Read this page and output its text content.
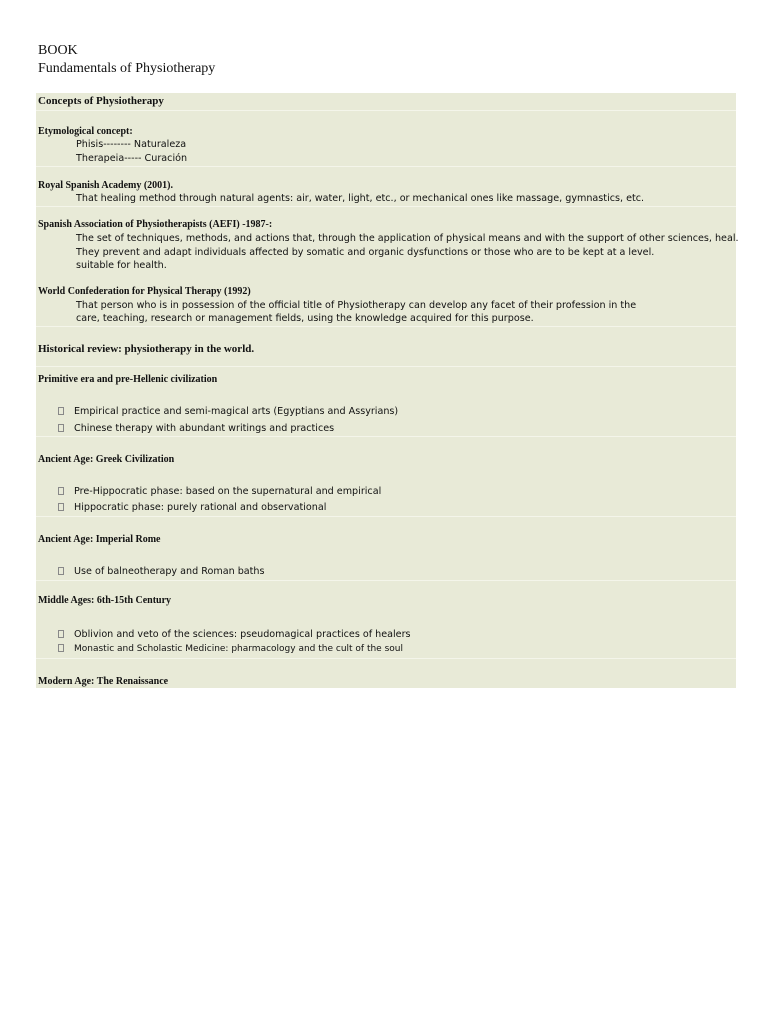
BOOK
Fundamentals of Physiotherapy
Concepts of Physiotherapy
Etymological concept:
Phisis-------- Naturaleza
Therapeia----- Curación
Royal Spanish Academy (2001).
That healing method through natural agents: air, water, light, etc., or mechanical ones like massage, gymnastics, etc.
Spanish Association of Physiotherapists (AEFI) -1987-:
The set of techniques, methods, and actions that, through the application of physical means and with the support of other sciences, heal.
They prevent and adapt individuals affected by somatic and organic dysfunctions or those who are to be kept at a level.
suitable for health.
World Confederation for Physical Therapy (1992)
That person who is in possession of the official title of Physiotherapy can develop any facet of their profession in the
care, teaching, research or management fields, using the knowledge acquired for this purpose.
Historical review: physiotherapy in the world.
Primitive era and pre-Hellenic civilization
Empirical practice and semi-magical arts (Egyptians and Assyrians)
Chinese therapy with abundant writings and practices
Ancient Age: Greek Civilization
Pre-Hippocratic phase: based on the supernatural and empirical
Hippocratic phase: purely rational and observational
Ancient Age: Imperial Rome
Use of balneotherapy and Roman baths
Middle Ages: 6th-15th Century
Oblivion and veto of the sciences: pseudomagical practices of healers
Monastic and Scholastic Medicine: pharmacology and the cult of the soul
Modern Age: The Renaissance
